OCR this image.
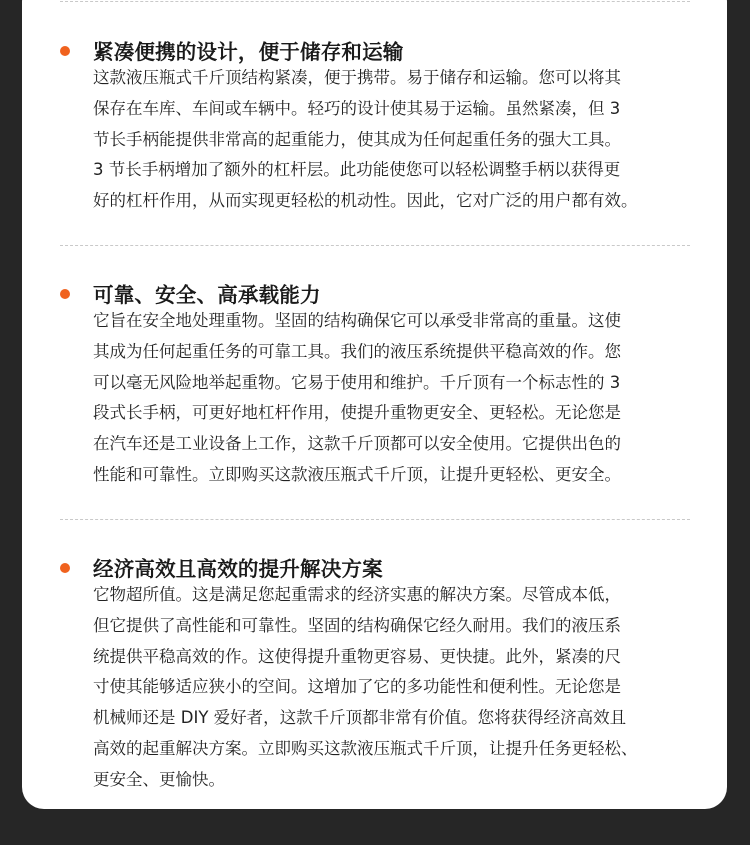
紧凑便携的设计，便于储存和运输
这款液压瓶式千斤顶结构紧凑，便于携带。易于储存和运输。您可以将其
保存在车库、车间或车辆中。轻巧的设计使其易于运输。虽然紧凑，但 3
节长手柄能提供非常高的起重能力，使其成为任何起重任务的强大工具。
3 节长手柄增加了额外的杠杆层。此功能使您可以轻松调整手柄以获得更
好的杠杆作用，从而实现更轻松的机动性。因此，它对广泛的用户都有效。
可靠、安全、高承载能力
它旨在安全地处理重物。坚固的结构确保它可以承受非常高的重量。这使
其成为任何起重任务的可靠工具。我们的液压系统提供平稳高效的作。您
可以毫无风险地举起重物。它易于使用和维护。千斤顶有一个标志性的 3
段式长手柄，可更好地杠杆作用，使提升重物更安全、更轻松。无论您是
在汽车还是工业设备上工作，这款千斤顶都可以安全使用。它提供出色的
性能和可靠性。立即购买这款液压瓶式千斤顶，让提升更轻松、更安全。
经济高效且高效的提升解决方案
它物超所值。这是满足您起重需求的经济实惠的解决方案。尽管成本低，
但它提供了高性能和可靠性。坚固的结构确保它经久耐用。我们的液压系
统提供平稳高效的作。这使得提升重物更容易、更快捷。此外，紧凑的尺
寸使其能够适应狭小的空间。这增加了它的多功能性和便利性。无论您是
机械师还是 DIY 爱好者，这款千斤顶都非常有价值。您将获得经济高效且
高效的起重解决方案。立即购买这款液压瓶式千斤顶，让提升任务更轻松、
更安全、更愉快。
